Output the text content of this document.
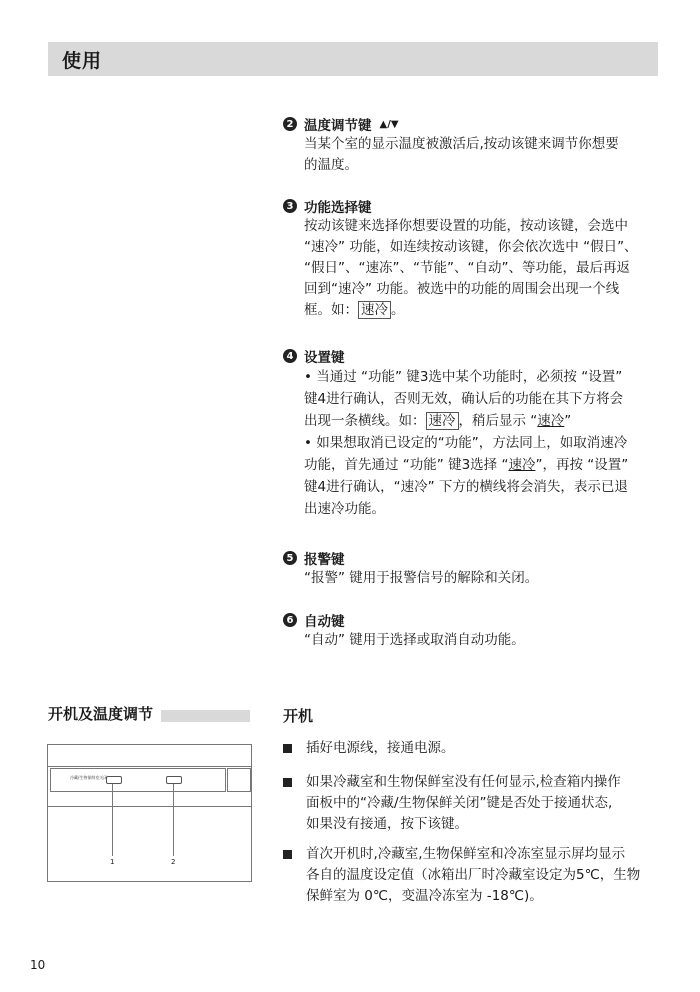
使用
2 温度调节键 ▲/▼
当某个室的显示温度被激活后,按动该键来调节你想要
的温度。
3 功能选择键
按动该键来选择你想要设置的功能，按动该键，会选中
“速冷” 功能，如连续按动该键，你会依次选中 “假日”、
“假日”、“速冻”、“节能”、“自动”、等功能，最后再返
回到“速冷” 功能。被选中的功能的周围会出现一个线
框。如： 速冷 。
4 设置键
• 当通过 “功能” 键3选中某个功能时，必须按 “设置”
键4进行确认，否则无效，确认后的功能在其下方将会
出现一条横线。如： 速冷 ，稍后显示 “速冷”
• 如果想取消已设定的“功能”，方法同上，如取消速冷
功能，首先通过 “功能” 键3选择 “速冷”，再按 “设置”
键4进行确认，“速冷” 下方的横线将会消失，表示已退
出速冷功能。
5 报警键
“报警” 键用于报警信号的解除和关闭。
6 自动键
“自动” 键用于选择或取消自动功能。
开机及温度调节
冷藏/生物保鲜室关闭
1	2
开机
插好电源线，接通电源。
如果冷藏室和生物保鲜室没有任何显示,检查箱内操作
面板中的“冷藏/生物保鲜关闭”键是否处于接通状态,
如果没有接通，按下该键。
首次开机时,冷藏室,生物保鲜室和冷冻室显示屏均显示
各自的温度设定值（冰箱出厂时冷藏室设定为5℃，生物
保鲜室为 0℃，变温冷冻室为 -18℃)。
10
